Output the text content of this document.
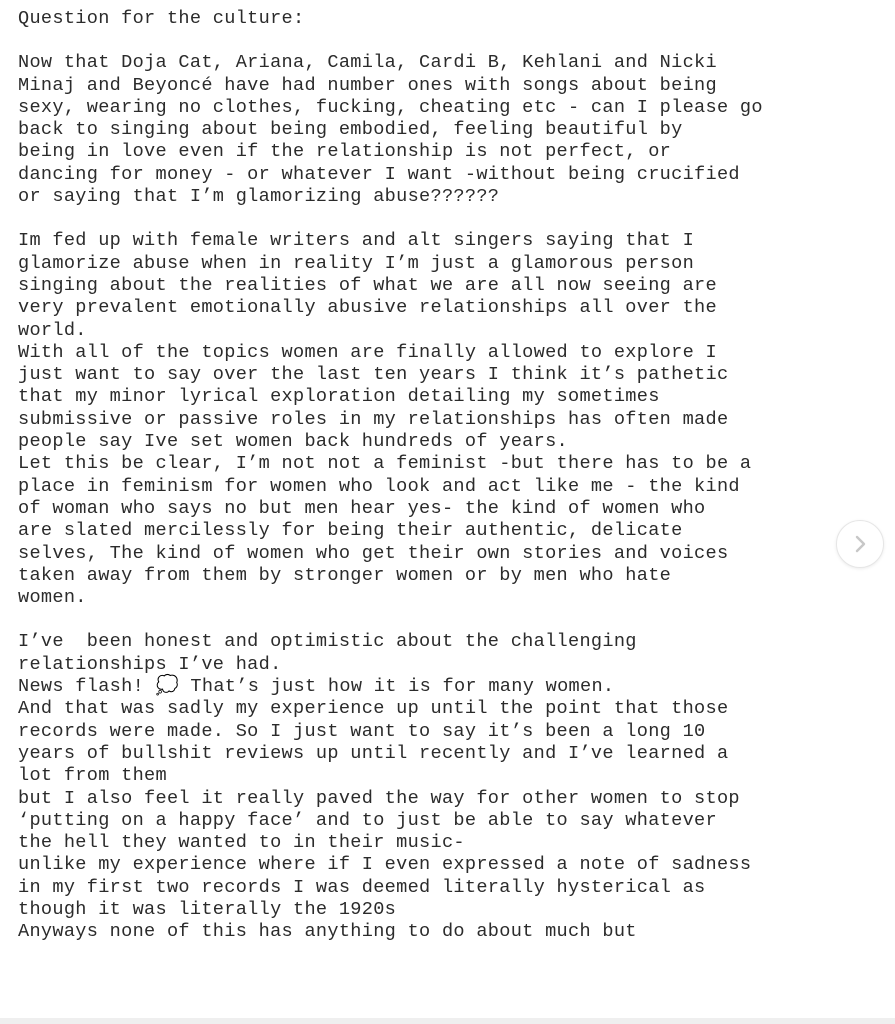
Question for the culture:
Now that Doja Cat, Ariana, Camila, Cardi B, Kehlani and Nicki
Minaj and Beyoncé have had number ones with songs about being
sexy, wearing no clothes, fucking, cheating etc - can I please go
back to singing about being embodied, feeling beautiful by
being in love even if the relationship is not perfect, or
dancing for money - or whatever I want -without being crucified
or saying that I’m glamorizing abuse??????
Im fed up with female writers and alt singers saying that I
glamorize abuse when in reality I’m just a glamorous person
singing about the realities of what we are all now seeing are
very prevalent emotionally abusive relationships all over the
world.
With all of the topics women are finally allowed to explore I
just want to say over the last ten years I think it’s pathetic
that my minor lyrical exploration detailing my sometimes
submissive or passive roles in my relationships has often made
people say Ive set women back hundreds of years.
Let this be clear, I’m not not a feminist -but there has to be a
place in feminism for women who look and act like me - the kind
of woman who says no but men hear yes- the kind of women who
are slated mercilessly for being their authentic, delicate
selves, The kind of women who get their own stories and voices
taken away from them by stronger women or by men who hate
women.
I’ve  been honest and optimistic about the challenging
relationships I’ve had.
News flash! 💭 That’s just how it is for many women.
And that was sadly my experience up until the point that those
records were made. So I just want to say it’s been a long 10
years of bullshit reviews up until recently and I’ve learned a
lot from them
but I also feel it really paved the way for other women to stop
‘putting on a happy face’ and to just be able to say whatever
the hell they wanted to in their music-
unlike my experience where if I even expressed a note of sadness
in my first two records I was deemed literally hysterical as
though it was literally the 1920s
Anyways none of this has anything to do about much but
